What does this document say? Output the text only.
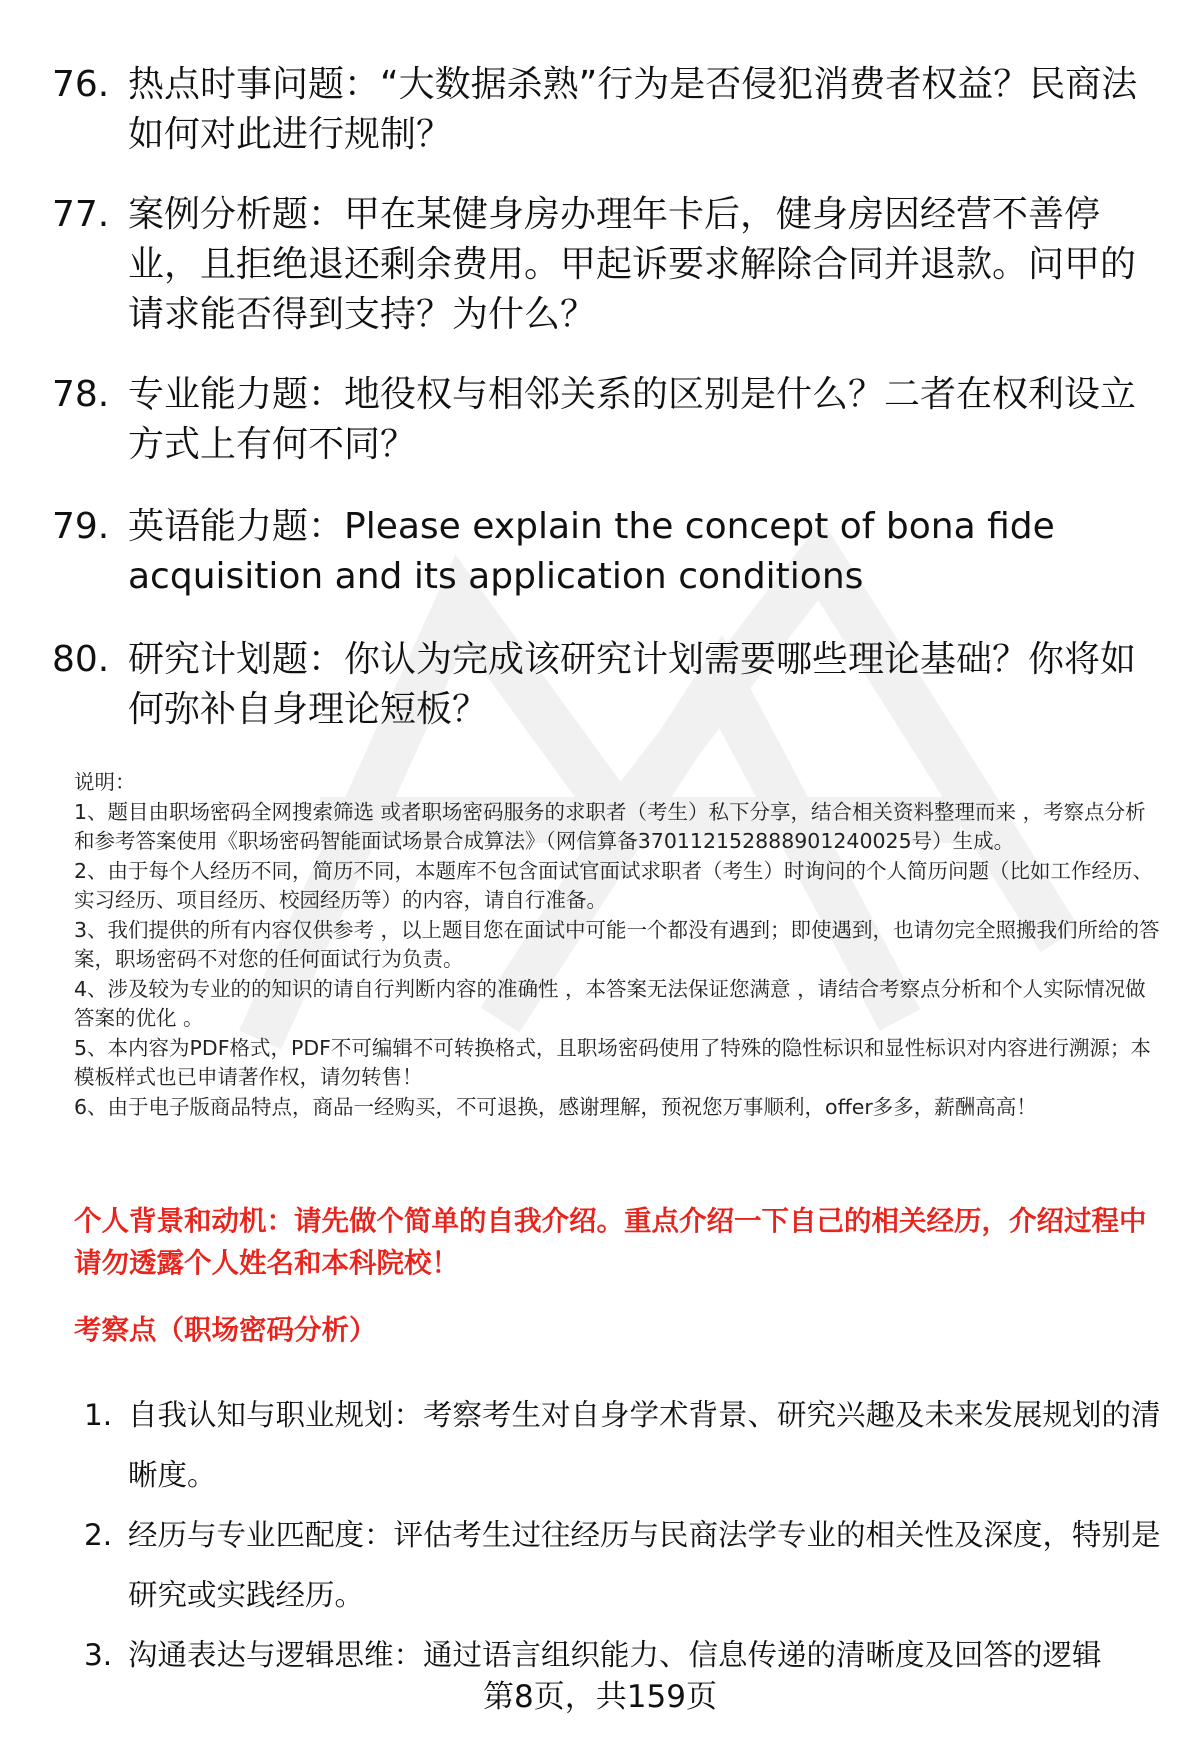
76. 热点时事问题：“大数据杀熟”行为是否侵犯消费者权益？民商法如何对此进行规制？
77. 案例分析题：甲在某健身房办理年卡后，健身房因经营不善停业，且拒绝退还剩余费用。甲起诉要求解除合同并退款。问甲的请求能否得到支持？为什么？
78. 专业能力题：地役权与相邻关系的区别是什么？二者在权利设立方式上有何不同？
79. 英语能力题：Please explain the concept of bona fide acquisition and its application conditions
80. 研究计划题：你认为完成该研究计划需要哪些理论基础？你将如何弥补自身理论短板？

说明：

1、题目由职场密码全网搜索筛选 或者职场密码服务的求职者（考生）私下分享，结合相关资料整理而来 ，考察点分析和参考答案使用《职场密码智能面试场景合成算法》（网信算备370112152888901240025号）生成。

2、由于每个人经历不同，简历不同，本题库不包含面试官面试求职者（考生）时询问的个人简历问题（比如工作经历、实习经历、项目经历、校园经历等）的内容，请自行准备。

3、我们提供的所有内容仅供参考 ，以上题目您在面试中可能一个都没有遇到；即使遇到，也请勿完全照搬我们所给的答案，职场密码不对您的任何面试行为负责。

4、涉及较为专业的的知识的请自行判断内容的准确性 ，本答案无法保证您满意 ，请结合考察点分析和个人实际情况做答案的优化 。

5、本内容为PDF格式，PDF不可编辑不可转换格式，且职场密码使用了特殊的隐性标识和显性标识对内容进行溯源；本模板样式也已申请著作权，请勿转售！

6、由于电子版商品特点，商品一经购买，不可退换，感谢理解，预祝您万事顺利，offer多多，薪酬高高！

个人背景和动机：请先做个简单的自我介绍。重点介绍一下自己的相关经历，介绍过程中请勿透露个人姓名和本科院校！
考察点（职场密码分析）
1. 自我认知与职业规划：考察考生对自身学术背景、研究兴趣及未来发展规划的清晰度。
2. 经历与专业匹配度：评估考生过往经历与民商法学专业的相关性及深度，特别是研究或实践经历。
3. 沟通表达与逻辑思维：通过语言组织能力、信息传递的清晰度及回答的逻辑
第8页，共159页
